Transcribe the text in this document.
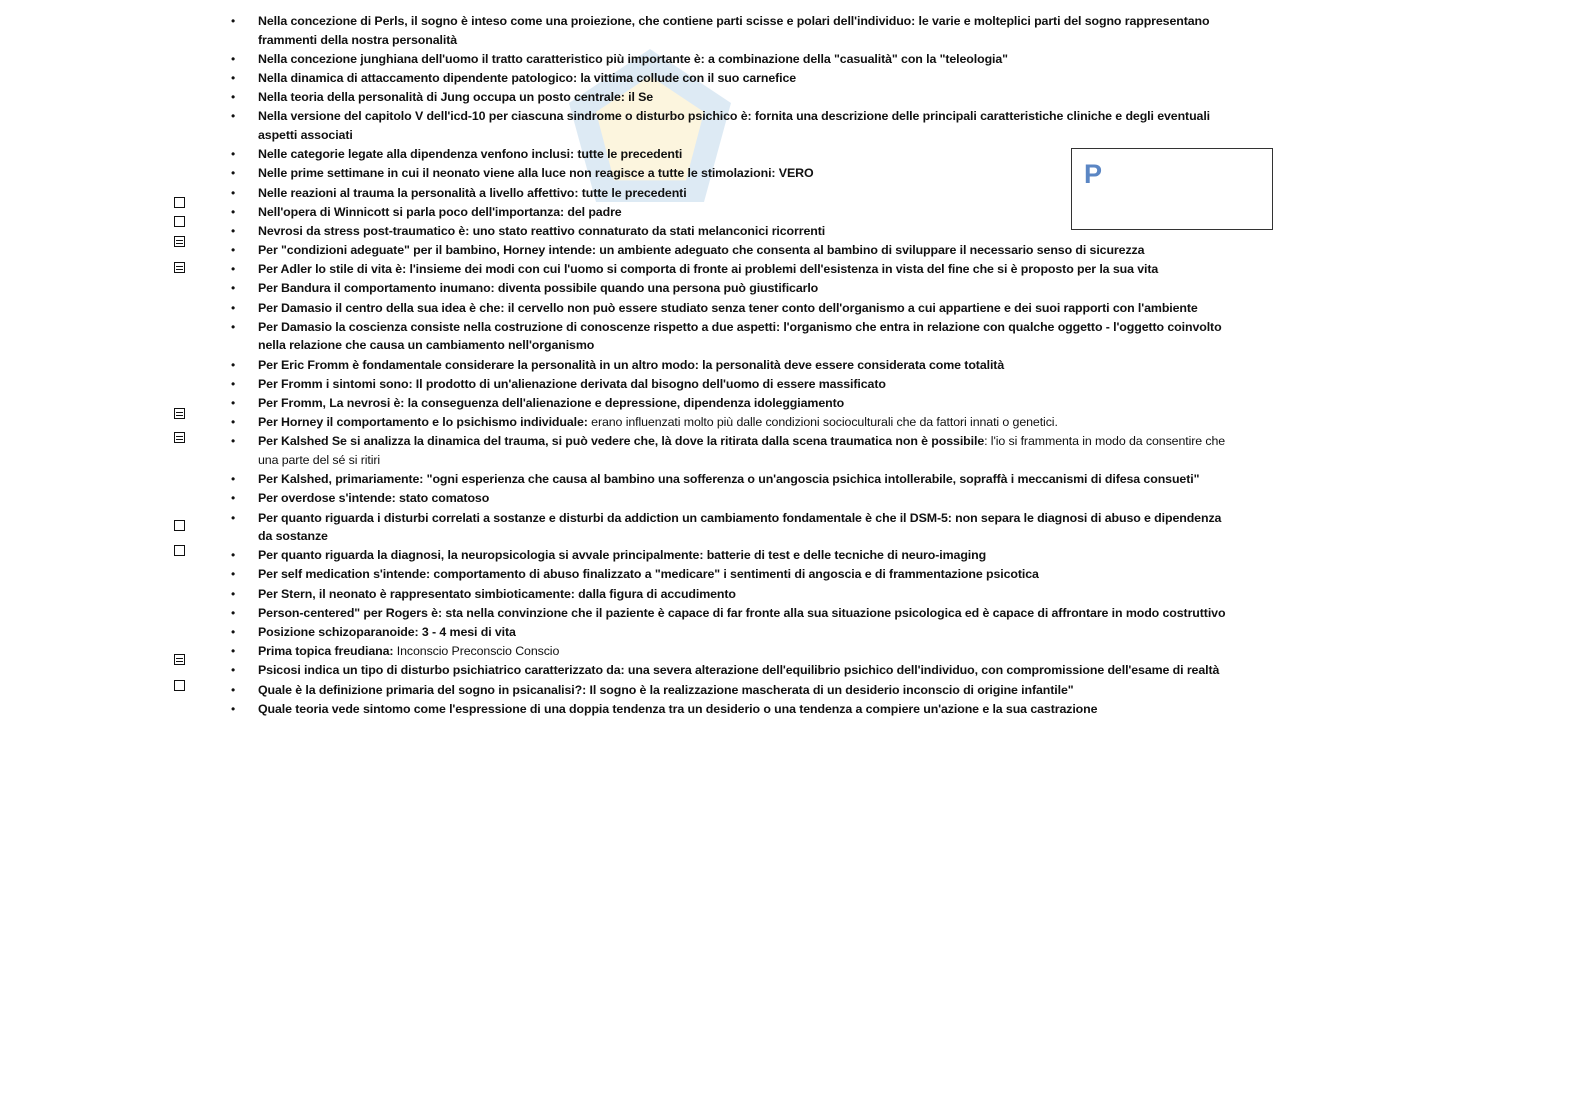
P
• Nella concezione di Perls, il sogno è inteso come una proiezione, che contiene parti scisse e polari dell'individuo: le varie e molteplici parti del sogno rappresentano frammenti della nostra personalità
• Nella concezione junghiana dell'uomo il tratto caratteristico più importante è: a combinazione della "casualità" con la "teleologia"
• Nella dinamica di attaccamento dipendente patologico: la vittima collude con il suo carnefice
• Nella teoria della personalità di Jung occupa un posto centrale: il Se
• Nella versione del capitolo V dell'icd-10 per ciascuna sindrome o disturbo psichico è: fornita una descrizione delle principali caratteristiche cliniche e degli eventuali aspetti associati
• Nelle categorie legate alla dipendenza venfono inclusi: tutte le precedenti
• Nelle prime settimane in cui il neonato viene alla luce non reagisce a tutte le stimolazioni: VERO
• Nelle reazioni al trauma la personalità a livello affettivo: tutte le precedenti
• Nell'opera di Winnicott si parla poco dell'importanza: del padre
• Nevrosi da stress post-traumatico è: uno stato reattivo connaturato da stati melanconici ricorrenti
• Per "condizioni adeguate" per il bambino, Horney intende: un ambiente adeguato che consenta al bambino di sviluppare il necessario senso di sicurezza
• Per Adler lo stile di vita è: l'insieme dei modi con cui l'uomo si comporta di fronte ai problemi dell'esistenza in vista del fine che si è proposto per la sua vita
• Per Bandura il comportamento inumano: diventa possibile quando una persona può giustificarlo
• Per Damasio il centro della sua idea è che: il cervello non può essere studiato senza tener conto dell'organismo a cui appartiene e dei suoi rapporti con l'ambiente
• Per Damasio la coscienza consiste nella costruzione di conoscenze rispetto a due aspetti: l'organismo che entra in relazione con qualche oggetto - l'oggetto coinvolto nella relazione che causa un cambiamento nell'organismo
• Per Eric Fromm è fondamentale considerare la personalità in un altro modo: la personalità deve essere considerata come totalità
• Per Fromm i sintomi sono: Il prodotto di un'alienazione derivata dal bisogno dell'uomo di essere massificato
• Per Fromm, La nevrosi è: la conseguenza dell'alienazione e depressione, dipendenza idoleggiamento
• Per Horney il comportamento e lo psichismo individuale: erano influenzati molto più dalle condizioni socioculturali che da fattori innati o genetici.
• Per Kalshed Se si analizza la dinamica del trauma, si può vedere che, là dove la ritirata dalla scena traumatica non è possibile: l'io si frammenta in modo da consentire che una parte del sé si ritiri
• Per Kalshed, primariamente: "ogni esperienza che causa al bambino una sofferenza o un'angoscia psichica intollerabile, sopraffà i meccanismi di difesa consueti"
• Per overdose s'intende: stato comatoso
• Per quanto riguarda i disturbi correlati a sostanze e disturbi da addiction un cambiamento fondamentale è che il DSM-5: non separa le diagnosi di abuso e dipendenza da sostanze
• Per quanto riguarda la diagnosi, la neuropsicologia si avvale principalmente: batterie di test e delle tecniche di neuro-imaging
• Per self medication s'intende: comportamento di abuso finalizzato a "medicare" i sentimenti di angoscia e di frammentazione psicotica
• Per Stern, il neonato è rappresentato simbioticamente: dalla figura di accudimento
• Person-centered" per Rogers è: sta nella convinzione che il paziente è capace di far fronte alla sua situazione psicologica ed è capace di affrontare in modo costruttivo
• Posizione schizoparanoide: 3 - 4 mesi di vita
• Prima topica freudiana: Inconscio Preconscio Conscio
• Psicosi indica un tipo di disturbo psichiatrico caratterizzato da: una severa alterazione dell'equilibrio psichico dell'individuo, con compromissione dell'esame di realtà
• Quale è la definizione primaria del sogno in psicanalisi?: Il sogno è la realizzazione mascherata di un desiderio inconscio di origine infantile"
• Quale teoria vede sintomo come l'espressione di una doppia tendenza tra un desiderio o una tendenza a compiere un'azione e la sua castrazione
